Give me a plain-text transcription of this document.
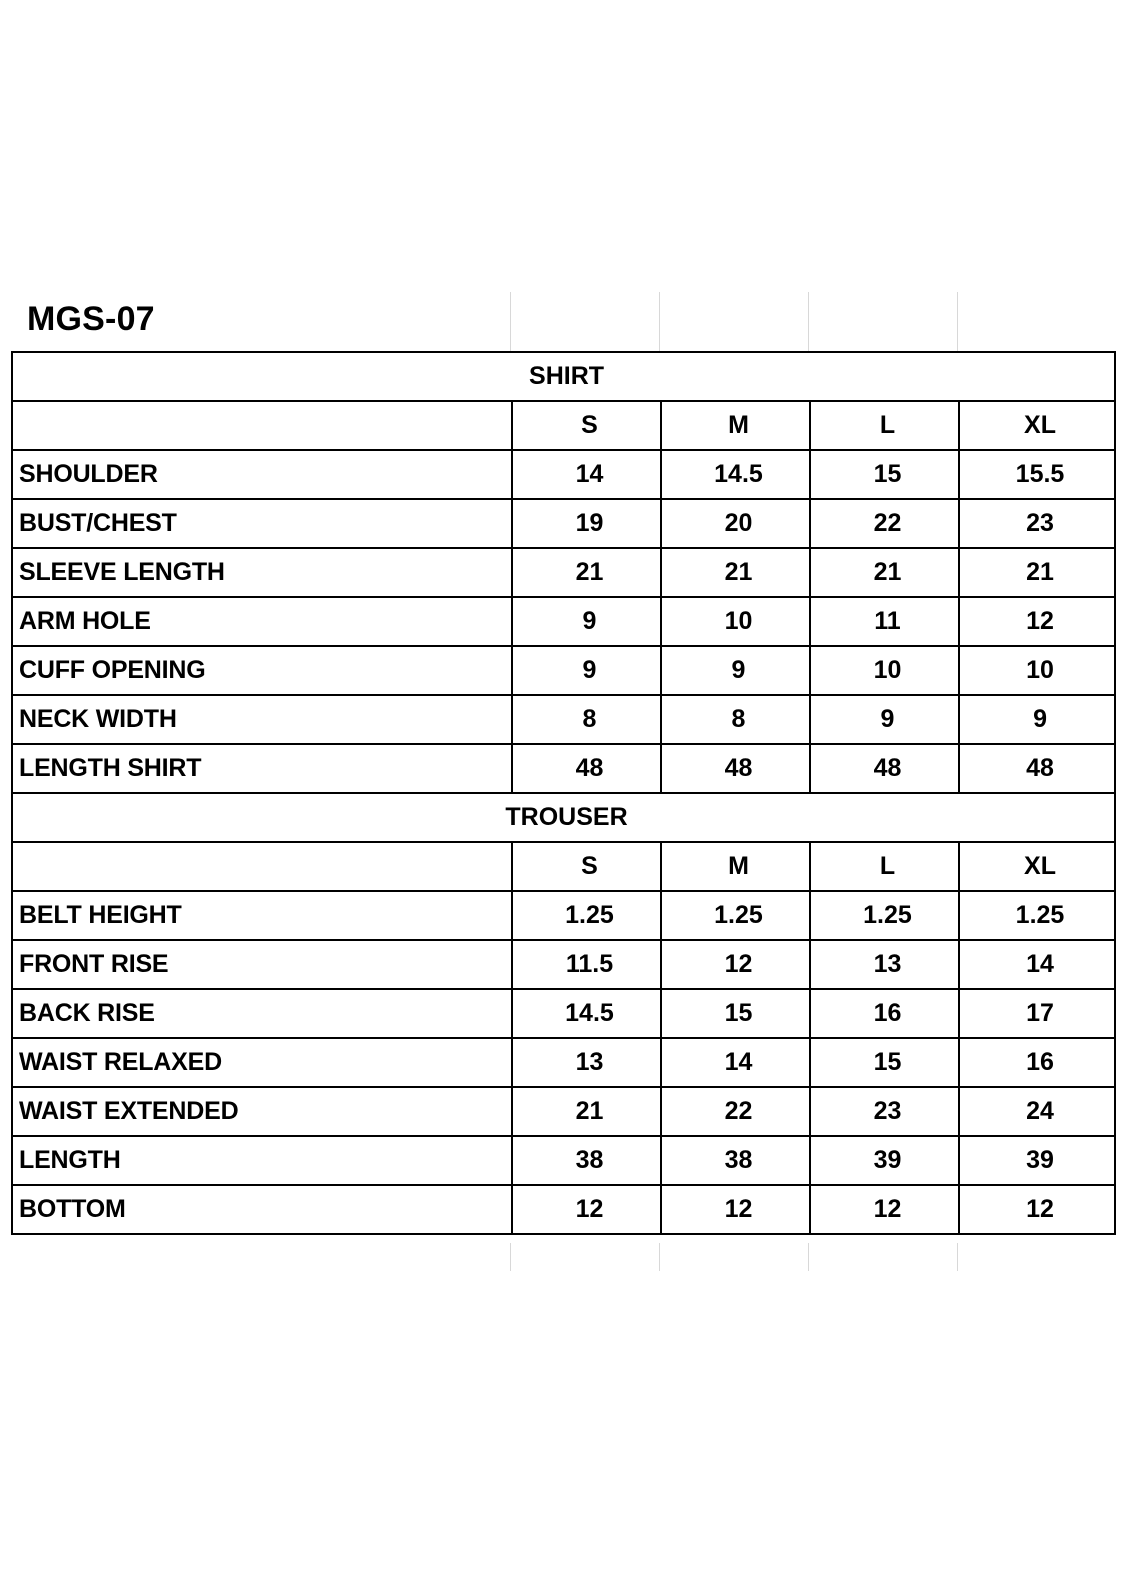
MGS-07
SHIRT				
	S	M	L	XL
SHOULDER	14	14.5	15	15.5
BUST/CHEST	19	20	22	23
SLEEVE LENGTH	21	21	21	21
ARM HOLE	9	10	11	12
CUFF OPENING	9	9	10	10
NECK WIDTH	8	8	9	9
LENGTH SHIRT	48	48	48	48
TROUSER				
	S	M	L	XL
BELT HEIGHT	1.25	1.25	1.25	1.25
FRONT RISE	11.5	12	13	14
BACK RISE	14.5	15	16	17
WAIST RELAXED	13	14	15	16
WAIST EXTENDED	21	22	23	24
LENGTH	38	38	39	39
BOTTOM	12	12	12	12
